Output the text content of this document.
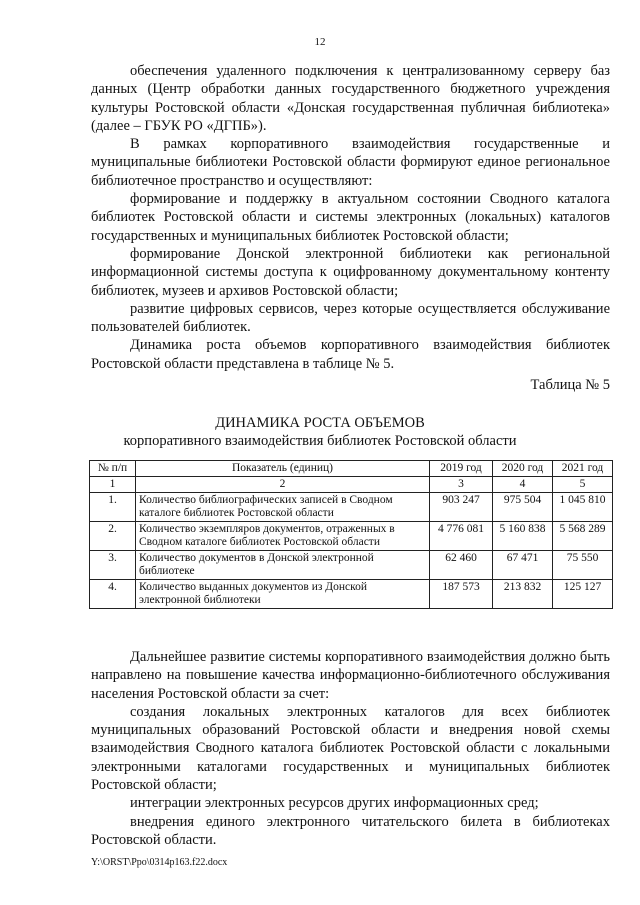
12

обеспечения удаленного подключения к централизованному серверу баз данных (Центр обработки данных государственного бюджетного учреждения культуры Ростовской области «Донская государственная публичная библиотека» (далее – ГБУК РО «ДГПБ»).

В рамках корпоративного взаимодействия государственные и муниципальные библиотеки Ростовской области формируют единое региональное библиотечное пространство и осуществляют:

формирование и поддержку в актуальном состоянии Сводного каталога библиотек Ростовской области и системы электронных (локальных) каталогов государственных и муниципальных библиотек Ростовской области;

формирование Донской электронной библиотеки как региональной информационной системы доступа к оцифрованному документальному контенту библиотек, музеев и архивов Ростовской области;

развитие цифровых сервисов, через которые осуществляется обслуживание пользователей библиотек.

Динамика роста объемов корпоративного взаимодействия библиотек Ростовской области представлена в таблице № 5.

Таблица № 5
ДИНАМИКА РОСТА ОБЪЕМОВ
корпоративного взаимодействия библиотек Ростовской области
№ п/п	Показатель (единиц)	2019 год	2020 год	2021 год
1	2	3	4	5
1.	Количество библиографических записей в Сводном каталоге библиотек Ростовской области	903 247	975 504	1 045 810
2.	Количество экземпляров документов, отраженных в Сводном каталоге библиотек Ростовской области	4 776 081	5 160 838	5 568 289
3.	Количество документов в Донской электронной библиотеке	62 460	67 471	75 550
4.	Количество выданных документов из Донской электронной библиотеки	187 573	213 832	125 127

Дальнейшее развитие системы корпоративного взаимодействия должно быть направлено на повышение качества информационно-библиотечного обслуживания населения Ростовской области за счет:

создания локальных электронных каталогов для всех библиотек муниципальных образований Ростовской области и внедрения новой схемы взаимодействия Сводного каталога библиотек Ростовской области с локальными электронными каталогами государственных и муниципальных библиотек Ростовской области;

интеграции электронных ресурсов других информационных сред;

внедрения единого электронного читательского билета в библиотеках Ростовской области.

Y:\ORST\Ppo\0314p163.f22.docx
